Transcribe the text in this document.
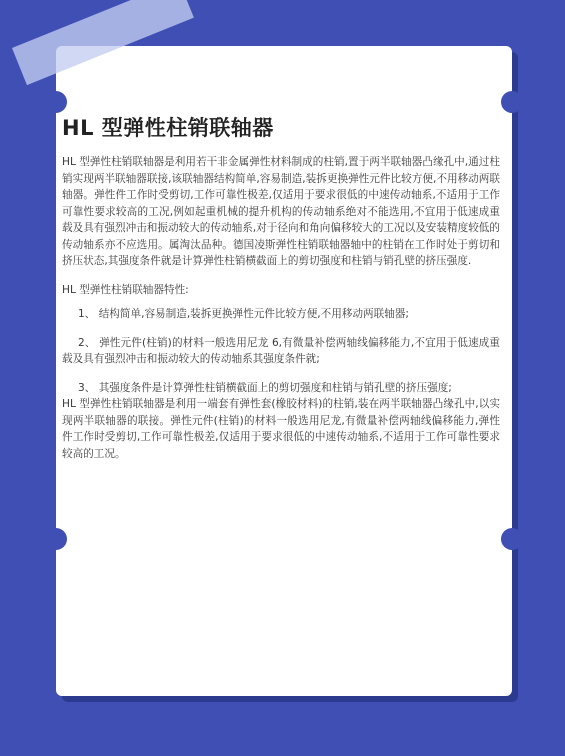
HL 型弹性柱销联轴器

HL 型弹性柱销联轴器是利用若干非金属弹性材料制成的柱销,置于两半联轴器凸缘孔中,通过柱销实现两半联轴器联接,该联轴器结构简单,容易制造,装拆更换弹性元件比较方便,不用移动两联轴器。弹性件工作时受剪切,工作可靠性极差,仅适用于要求很低的中速传动轴系,不适用于工作可靠性要求较高的工况,例如起重机械的提升机构的传动轴系绝对不能选用,不宜用于低速成重载及具有强烈冲击和振动较大的传动轴系,对于径向和角向偏移较大的工况以及安装精度较低的传动轴系亦不应选用。属淘汰品种。德国凌斯弹性柱销联轴器轴中的柱销在工作时处于剪切和挤压状态,其强度条件就是计算弹性柱销横截面上的剪切强度和柱销与销孔壁的挤压强度.

HL 型弹性柱销联轴器特性:

1、 结构简单,容易制造,装拆更换弹性元件比较方便,不用移动两联轴器;

2、 弹性元件(柱销)的材料一般选用尼龙 6,有微量补偿两轴线偏移能力,不宜用于低速成重载及具有强烈冲击和振动较大的传动轴系其强度条件就;

3、 其强度条件是计算弹性柱销横截面上的剪切强度和柱销与销孔壁的挤压强度;

HL 型弹性柱销联轴器是利用一端套有弹性套(橡胶材料)的柱销,装在两半联轴器凸缘孔中,以实现两半联轴器的联接。弹性元件(柱销)的材料一般选用尼龙,有微量补偿两轴线偏移能力,弹性件工作时受剪切,工作可靠性极差,仅适用于要求很低的中速传动轴系,不适用于工作可靠性要求较高的工况。
